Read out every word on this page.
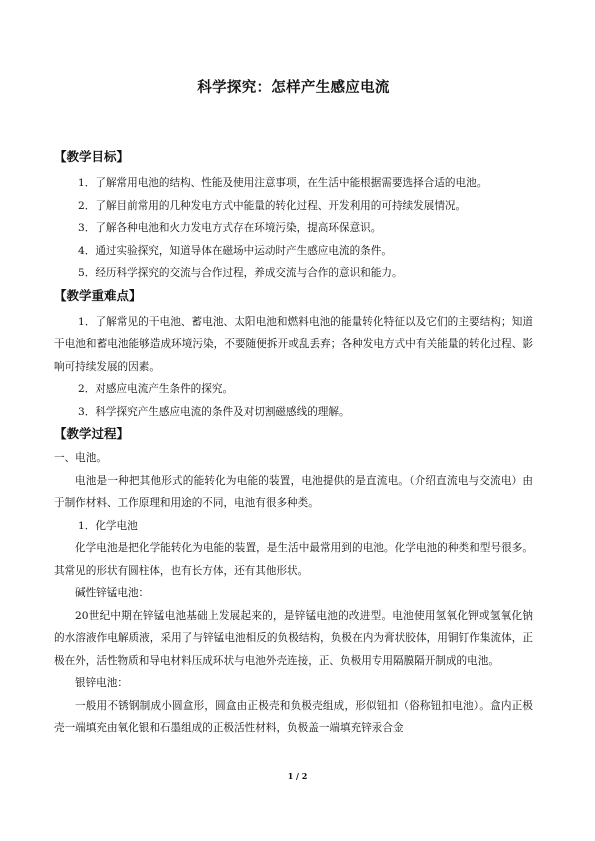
科学探究：怎样产生感应电流
【教学目标】

1．了解常用电池的结构、性能及使用注意事项，在生活中能根据需要选择合适的电池。

2．了解目前常用的几种发电方式中能量的转化过程、开发利用的可持续发展情况。

3．了解各种电池和火力发电方式存在环境污染，提高环保意识。

4．通过实验探究，知道导体在磁场中运动时产生感应电流的条件。

5．经历科学探究的交流与合作过程，养成交流与合作的意识和能力。

【教学重难点】

1．了解常见的干电池、蓄电池、太阳电池和燃料电池的能量转化特征以及它们的主要结构；知道干电池和蓄电池能够造成环境污染，不要随便拆开或乱丢弃；各种发电方式中有关能量的转化过程、影响可持续发展的因素。

2．对感应电流产生条件的探究。

3．科学探究产生感应电流的条件及对切割磁感线的理解。

【教学过程】

一、电池。

电池是一种把其他形式的能转化为电能的装置，电池提供的是直流电。（介绍直流电与交流电）由于制作材料、工作原理和用途的不同，电池有很多种类。

1．化学电池

化学电池是把化学能转化为电能的装置，是生活中最常用到的电池。化学电池的种类和型号很多。其常见的形状有圆柱体，也有长方体，还有其他形状。

碱性锌锰电池：

20世纪中期在锌锰电池基础上发展起来的，是锌锰电池的改进型。电池使用氢氧化钾或氢氧化钠的水溶液作电解质液，采用了与锌锰电池相反的负极结构，负极在内为膏状胶体，用铜钉作集流体，正极在外，活性物质和导电材料压成环状与电池外壳连接，正、负极用专用隔膜隔开制成的电池。

银锌电池：

一般用不锈钢制成小圆盒形，圆盒由正极壳和负极壳组成，形似钮扣（俗称钮扣电池）。盒内正极壳一端填充由氧化银和石墨组成的正极活性材料，负极盖一端填充锌汞合金

1 / 2
